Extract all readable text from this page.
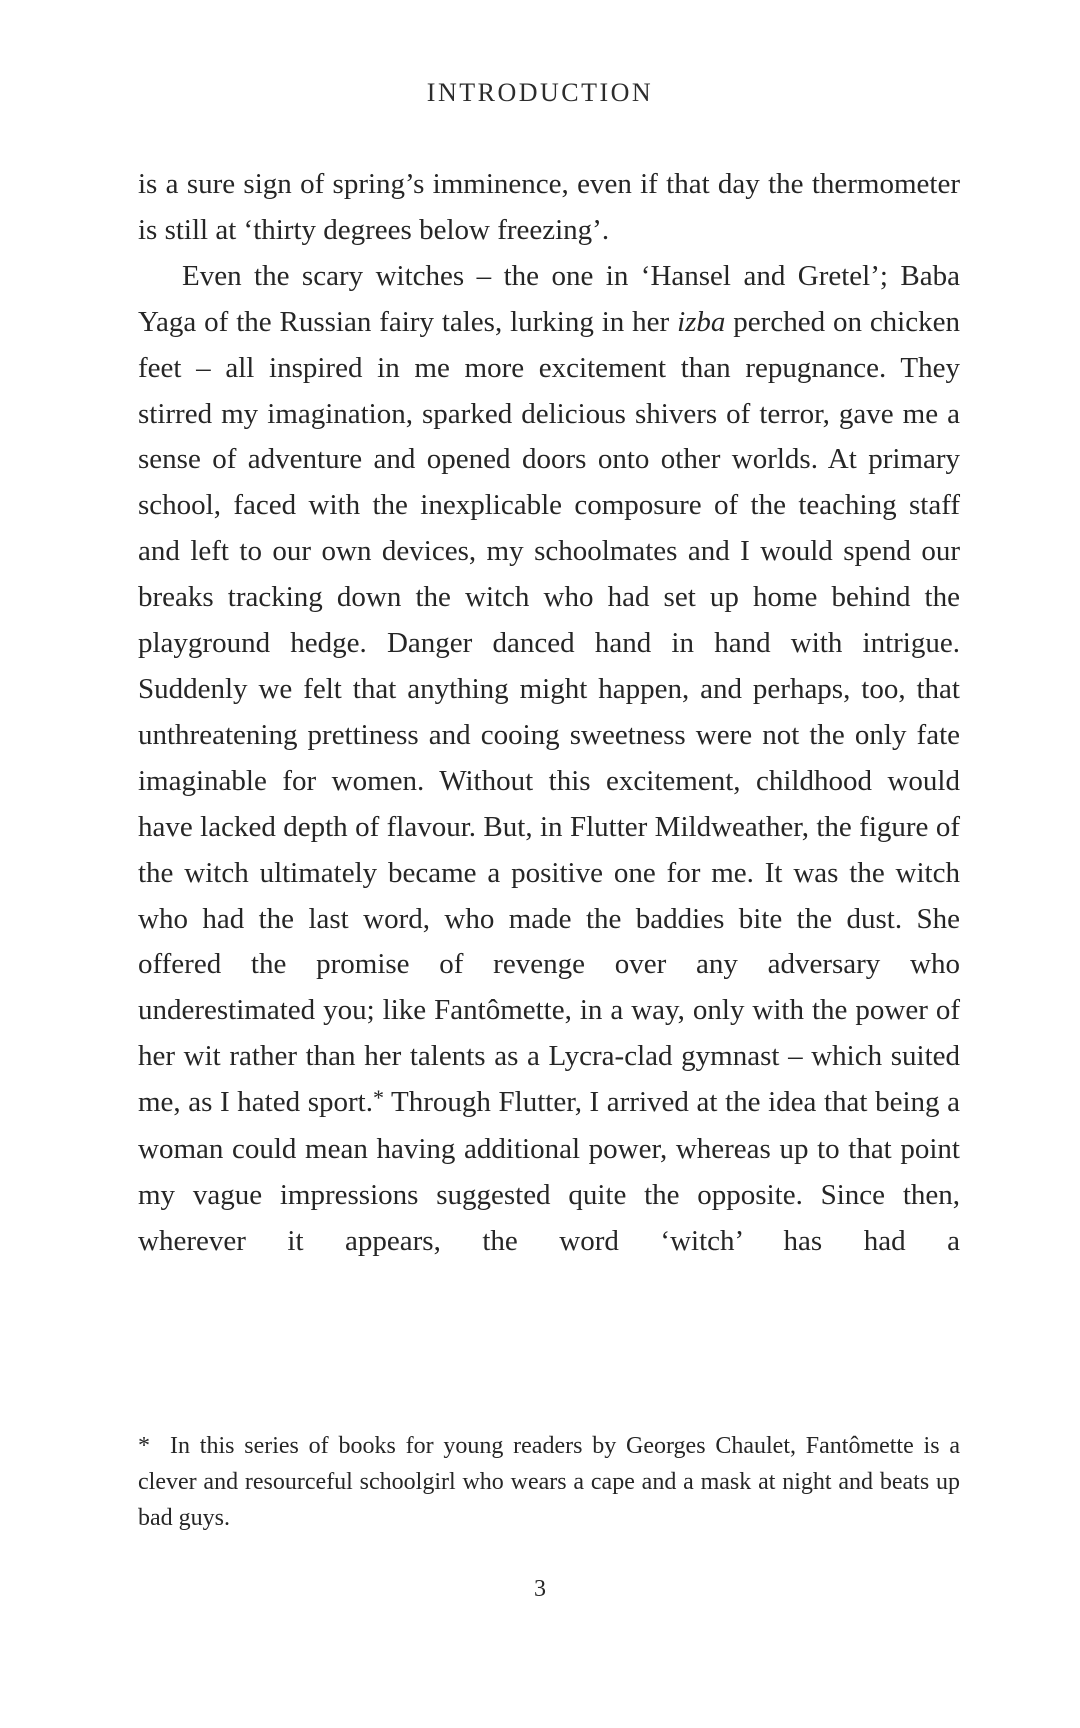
INTRODUCTION

is a sure sign of spring’s imminence, even if that day the thermometer is still at ‘thirty degrees below freezing’.

Even the scary witches – the one in ‘Hansel and Gretel’; Baba Yaga of the Russian fairy tales, lurking in her izba perched on chicken feet – all inspired in me more excitement than repugnance. They stirred my imagination, sparked delicious shivers of terror, gave me a sense of adventure and opened doors onto other worlds. At primary school, faced with the inexplicable composure of the teaching staff and left to our own devices, my schoolmates and I would spend our breaks tracking down the witch who had set up home behind the playground hedge. Danger danced hand in hand with intrigue. Suddenly we felt that anything might happen, and perhaps, too, that unthreatening prettiness and cooing sweetness were not the only fate imaginable for women. Without this excitement, childhood would have lacked depth of flavour. But, in Flutter Mildweather, the figure of the witch ultimately became a positive one for me. It was the witch who had the last word, who made the baddies bite the dust. She offered the promise of revenge over any adversary who underestimated you; like Fantômette, in a way, only with the power of her wit rather than her talents as a Lycra-clad gymnast – which suited me, as I hated sport.* Through Flutter, I arrived at the idea that being a woman could mean having additional power, whereas up to that point my vague impressions suggested quite the opposite. Since then, wherever it appears, the word ‘witch’ has had a

* In this series of books for young readers by Georges Chaulet, Fantômette is a clever and resourceful schoolgirl who wears a cape and a mask at night and beats up bad guys.
3
